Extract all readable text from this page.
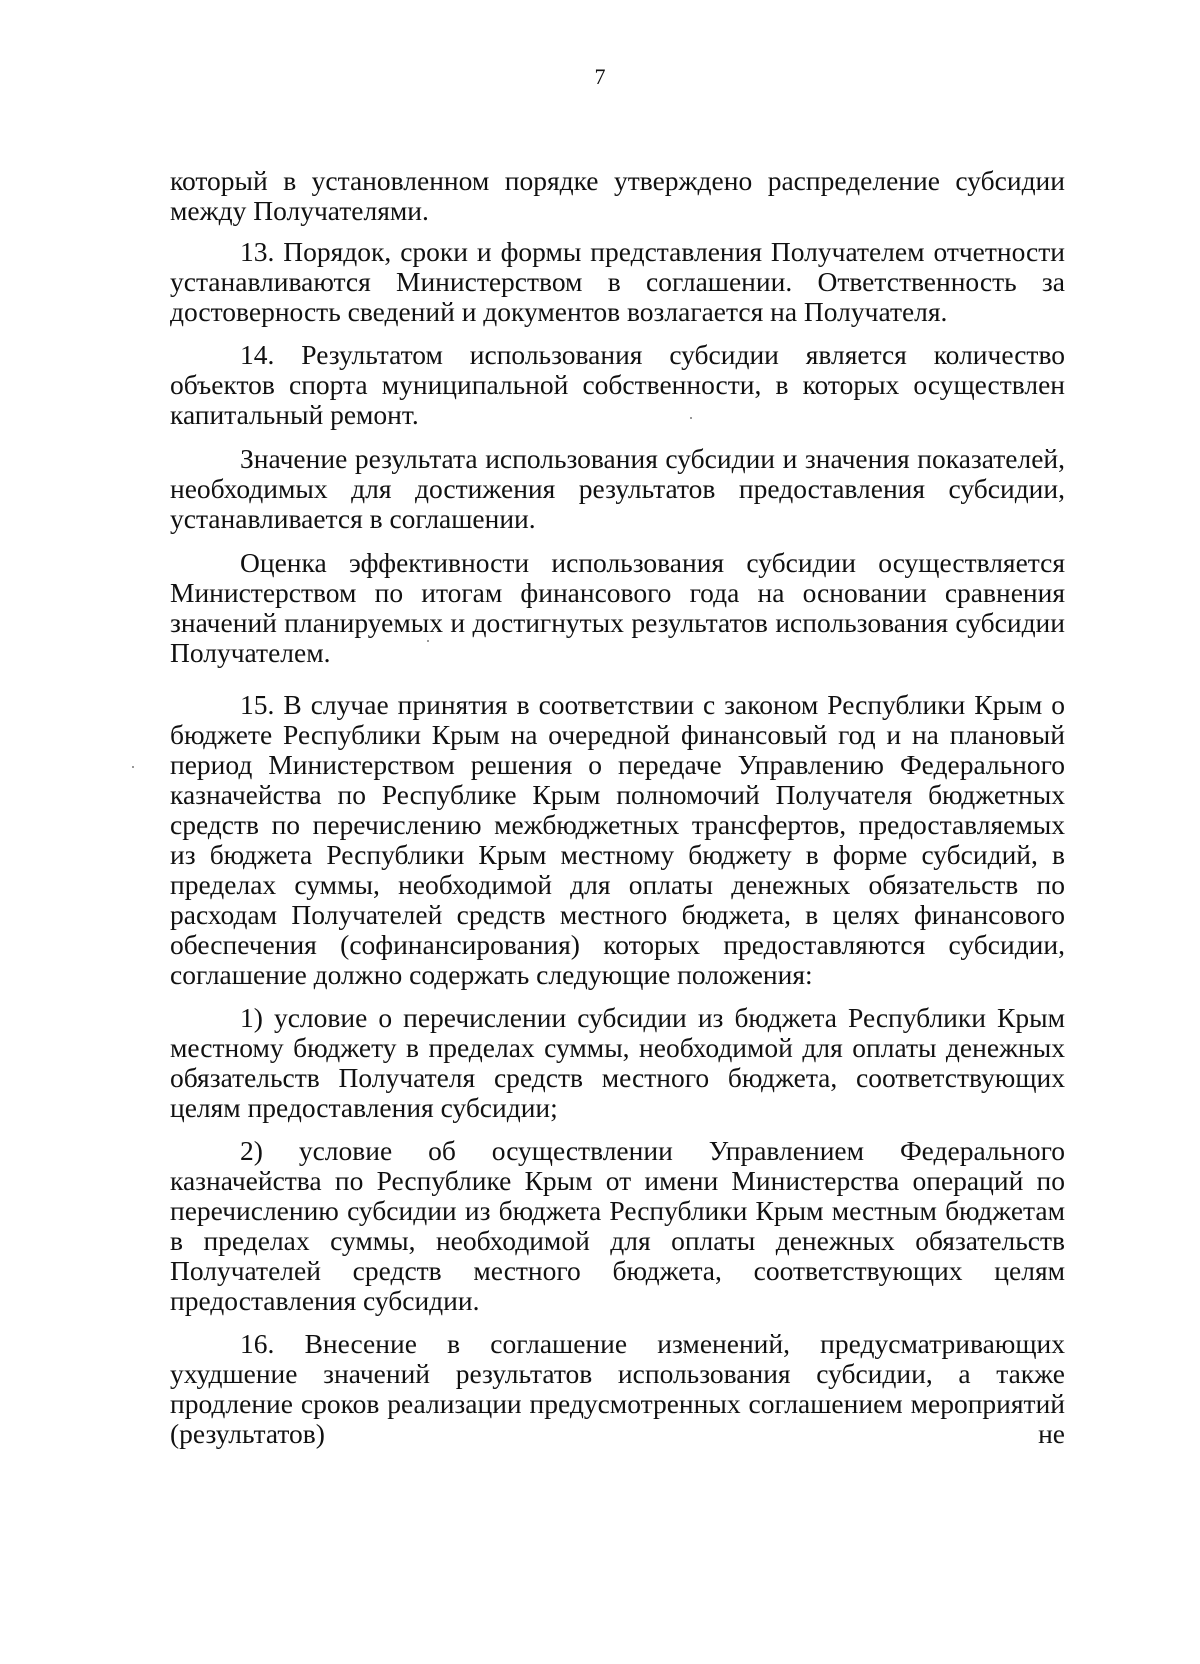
7

который в установленном порядке утверждено распределение субсидии между Получателями.

13. Порядок, сроки и формы представления Получателем отчетности устанавливаются Министерством в соглашении. Ответственность за достоверность сведений и документов возлагается на Получателя.

14. Результатом использования субсидии является количество объектов спорта муниципальной собственности, в которых осуществлен капитальный ремонт.

Значение результата использования субсидии и значения показателей, необходимых для достижения результатов предоставления субсидии, устанавливается в соглашении.

Оценка эффективности использования субсидии осуществляется Министерством по итогам финансового года на основании сравнения значений планируемых и достигнутых результатов использования субсидии Получателем.

15. В случае принятия в соответствии с законом Республики Крым о бюджете Республики Крым на очередной финансовый год и на плановый период Министерством решения о передаче Управлению Федерального казначейства по Республике Крым полномочий Получателя бюджетных средств по перечислению межбюджетных трансфертов, предоставляемых из бюджета Республики Крым местному бюджету в форме субсидий, в пределах суммы, необходимой для оплаты денежных обязательств по расходам Получателей средств местного бюджета, в целях финансового обеспечения (софинансирования) которых предоставляются субсидии, соглашение должно содержать следующие положения:

1) условие о перечислении субсидии из бюджета Республики Крым местному бюджету в пределах суммы, необходимой для оплаты денежных обязательств Получателя средств местного бюджета, соответствующих целям предоставления субсидии;

2) условие об осуществлении Управлением Федерального казначейства по Республике Крым от имени Министерства операций по перечислению субсидии из бюджета Республики Крым местным бюджетам в пределах суммы, необходимой для оплаты денежных обязательств Получателей средств местного бюджета, соответствующих целям предоставления субсидии.

16. Внесение в соглашение изменений, предусматривающих ухудшение значений результатов использования субсидии, а также продление сроков реализации предусмотренных соглашением мероприятий (результатов) не
